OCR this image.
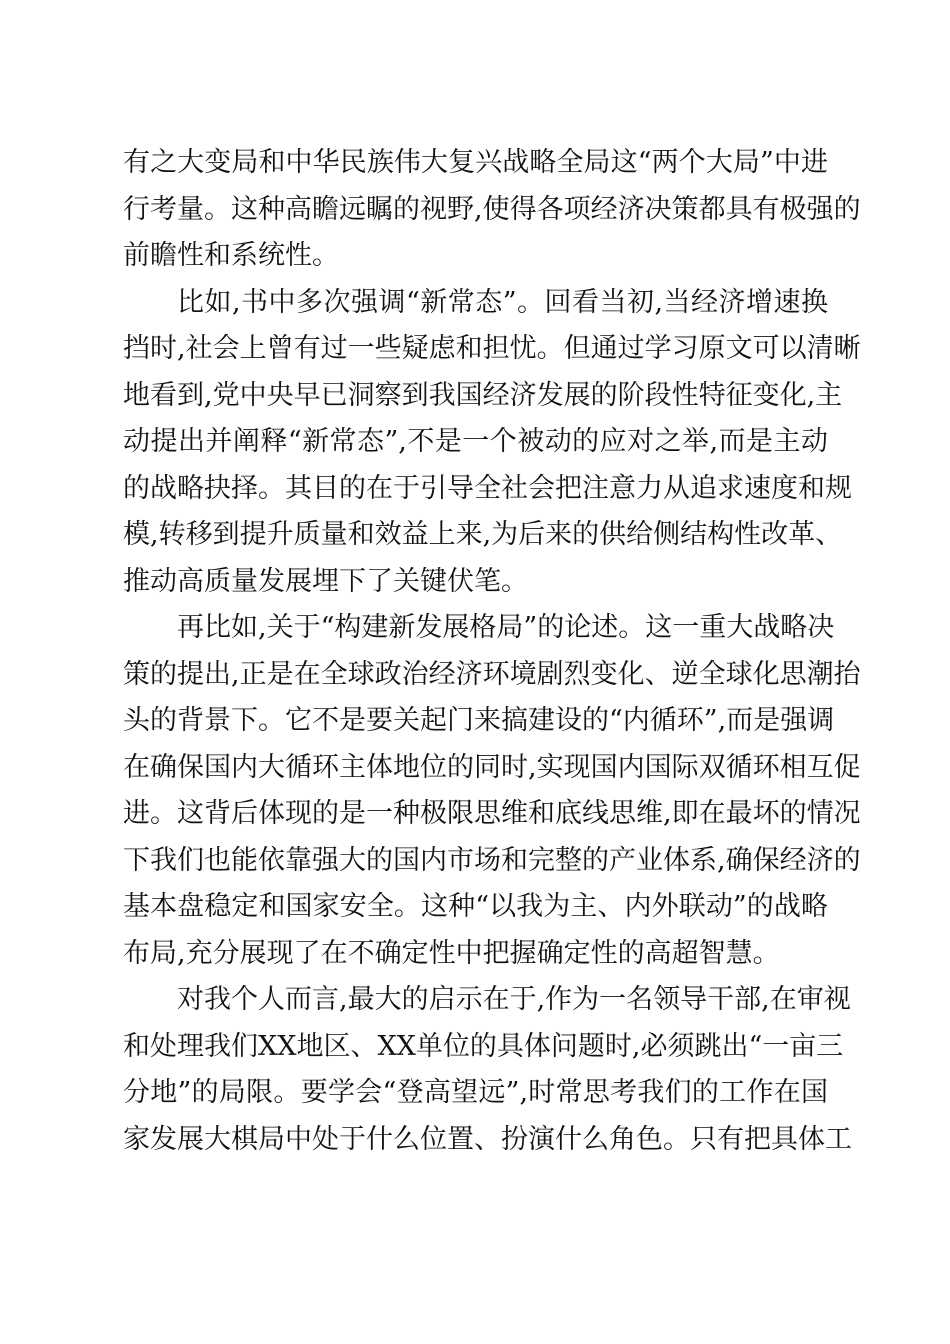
有之大变局和中华民族伟大复兴战略全局这“两个大局”中进
行考量。这种高瞻远瞩的视野,使得各项经济决策都具有极强的
前瞻性和系统性。
比如,书中多次强调“新常态”。回看当初,当经济增速换
挡时,社会上曾有过一些疑虑和担忧。但通过学习原文可以清晰
地看到,党中央早已洞察到我国经济发展的阶段性特征变化,主
动提出并阐释“新常态”,不是一个被动的应对之举,而是主动
的战略抉择。其目的在于引导全社会把注意力从追求速度和规
模,转移到提升质量和效益上来,为后来的供给侧结构性改革、
推动高质量发展埋下了关键伏笔。
再比如,关于“构建新发展格局”的论述。这一重大战略决
策的提出,正是在全球政治经济环境剧烈变化、逆全球化思潮抬
头的背景下。它不是要关起门来搞建设的“内循环”,而是强调
在确保国内大循环主体地位的同时,实现国内国际双循环相互促
进。这背后体现的是一种极限思维和底线思维,即在最坏的情况
下我们也能依靠强大的国内市场和完整的产业体系,确保经济的
基本盘稳定和国家安全。这种“以我为主、内外联动”的战略
布局,充分展现了在不确定性中把握确定性的高超智慧。
对我个人而言,最大的启示在于,作为一名领导干部,在审视
和处理我们XX地区、XX单位的具体问题时,必须跳出“一亩三
分地”的局限。要学会“登高望远”,时常思考我们的工作在国
家发展大棋局中处于什么位置、扮演什么角色。只有把具体工
